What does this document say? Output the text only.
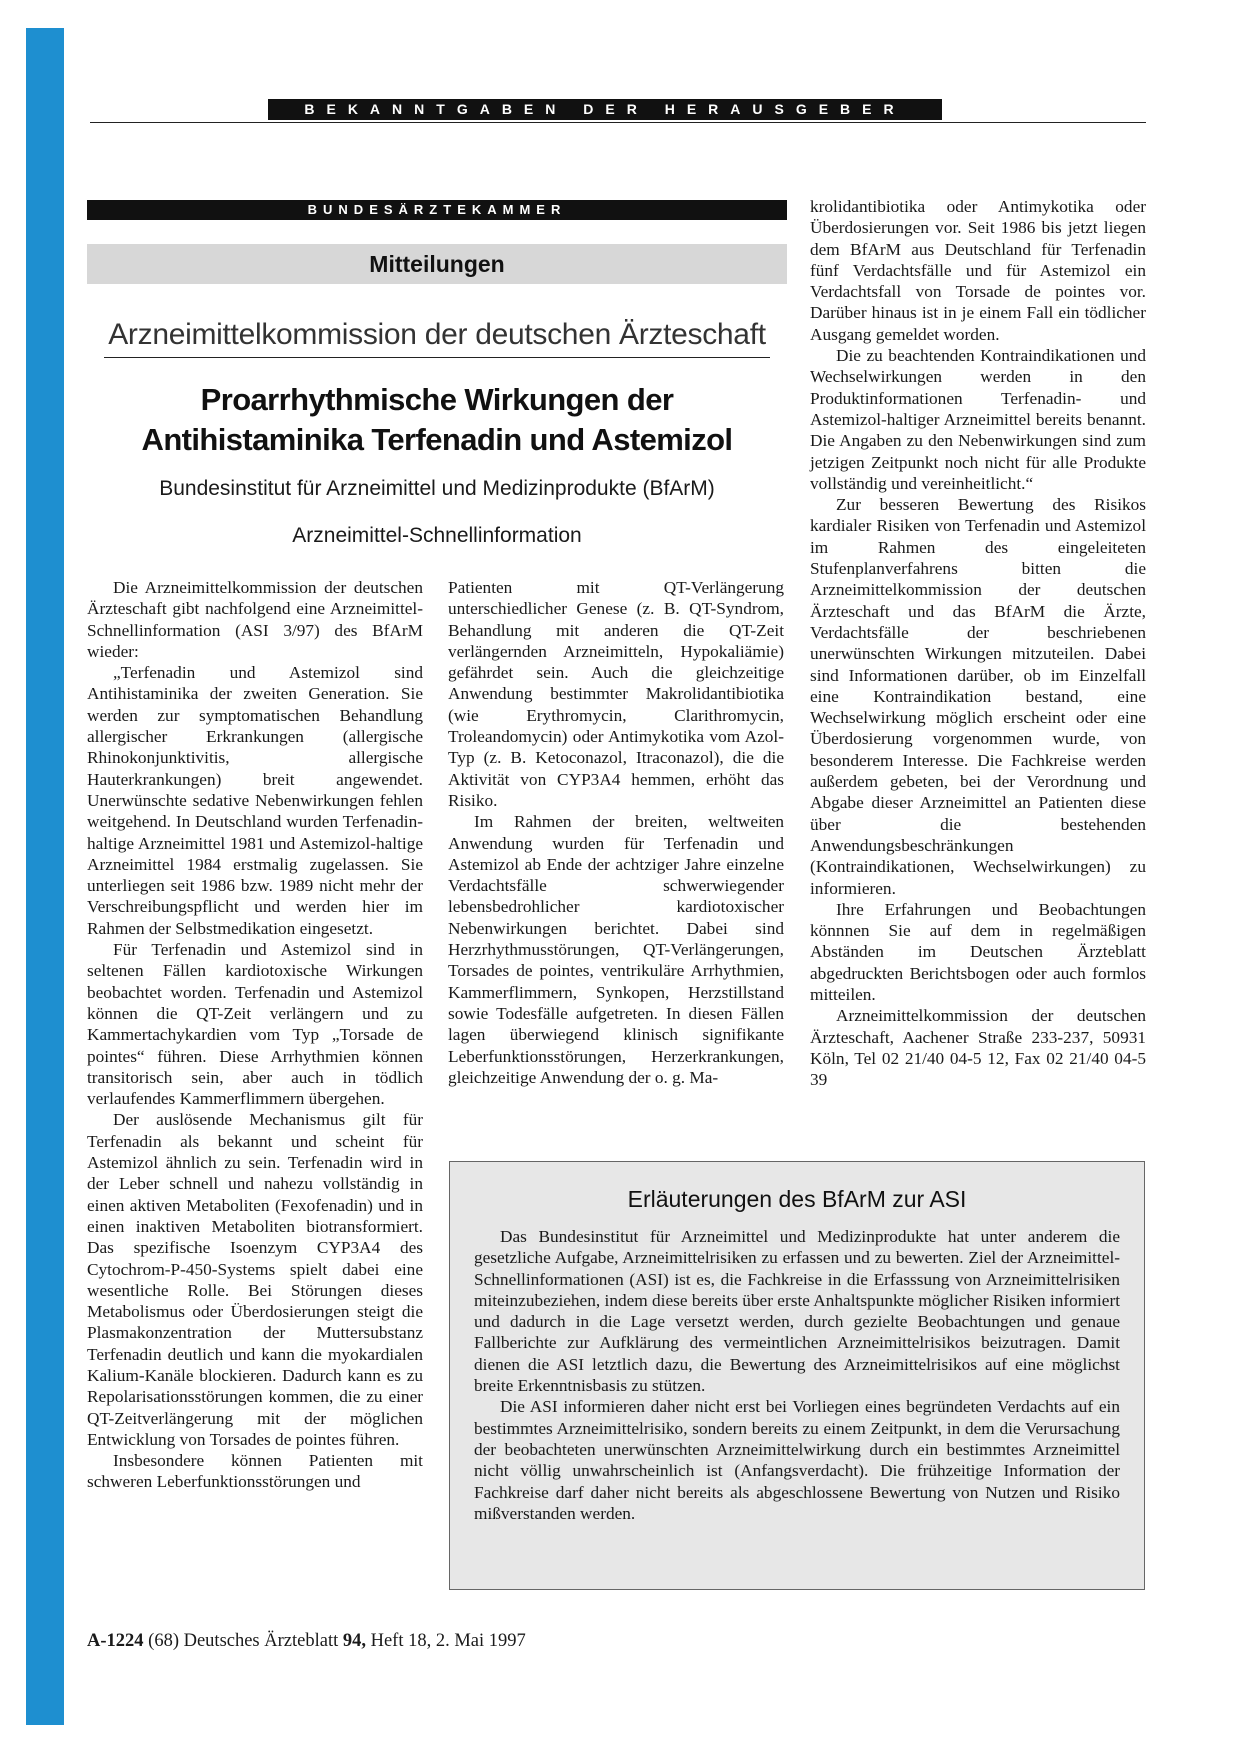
BEKANNTGABEN DER HERAUSGEBER
BUNDESÄRZTEKAMMER
Mitteilungen
Arzneimittelkommission der deutschen Ärzteschaft
Proarrhythmische Wirkungen der
Antihistaminika Terfenadin und Astemizol
Bundesinstitut für Arzneimittel und Medizinprodukte (BfArM)
Arzneimittel-Schnellinformation

Die Arzneimittelkommission der deutschen Ärzteschaft gibt nachfolgend eine Arzneimittel-Schnellinformation (ASI 3/97) des BfArM wieder:

„Terfenadin und Astemizol sind Antihistaminika der zweiten Generation. Sie werden zur symptomatischen Behandlung allergischer Erkrankungen (allergische Rhinokonjunktivitis, allergische Hauterkrankungen) breit angewendet. Unerwünschte sedative Nebenwirkungen fehlen weitgehend. In Deutschland wurden Terfenadin-haltige Arzneimittel 1981 und Astemizol-haltige Arzneimittel 1984 erstmalig zugelassen. Sie unterliegen seit 1986 bzw. 1989 nicht mehr der Verschreibungspflicht und werden hier im Rahmen der Selbstmedikation eingesetzt.

Für Terfenadin und Astemizol sind in seltenen Fällen kardiotoxische Wirkungen beobachtet worden. Terfenadin und Astemizol können die QT-Zeit verlängern und zu Kammertachykardien vom Typ „Torsade de pointes“ führen. Diese Arrhythmien können transitorisch sein, aber auch in tödlich verlaufendes Kammerflimmern übergehen.

Der auslösende Mechanismus gilt für Terfenadin als bekannt und scheint für Astemizol ähnlich zu sein. Terfenadin wird in der Leber schnell und nahezu vollständig in einen aktiven Metaboliten (Fexofenadin) und in einen inaktiven Metaboliten biotransformiert. Das spezifische Isoenzym CYP3A4 des Cytochrom-P-450-Systems spielt dabei eine wesentliche Rolle. Bei Störungen dieses Metabolismus oder Überdosierungen steigt die Plasmakonzentration der Muttersubstanz Terfenadin deutlich und kann die myokardialen Kalium-Kanäle blockieren. Dadurch kann es zu Repolarisationsstörungen kommen, die zu einer QT-Zeitverlängerung mit der möglichen Entwicklung von Torsades de pointes führen.

Insbesondere können Patienten mit schweren Leberfunktionsstörungen und

Patienten mit QT-Verlängerung unterschiedlicher Genese (z. B. QT-Syndrom, Behandlung mit anderen die QT-Zeit verlängernden Arzneimitteln, Hypokaliämie) gefährdet sein. Auch die gleichzeitige Anwendung bestimmter Makrolidantibiotika (wie Erythromycin, Clarithromycin, Troleandomycin) oder Antimykotika vom Azol-Typ (z. B. Ketoconazol, Itraconazol), die die Aktivität von CYP3A4 hemmen, erhöht das Risiko.

Im Rahmen der breiten, weltweiten Anwendung wurden für Terfenadin und Astemizol ab Ende der achtziger Jahre einzelne Verdachtsfälle schwerwiegender lebensbedrohlicher kardiotoxischer Nebenwirkungen berichtet. Dabei sind Herzrhythmusstörungen, QT-Verlängerungen, Torsades de pointes, ventrikuläre Arrhythmien, Kammerflimmern, Synkopen, Herzstillstand sowie Todesfälle aufgetreten. In diesen Fällen lagen überwiegend klinisch signifikante Leberfunktionsstörungen, Herzerkrankungen, gleichzeitige Anwendung der o. g. Ma-

krolidantibiotika oder Antimykotika oder Überdosierungen vor. Seit 1986 bis jetzt liegen dem BfArM aus Deutschland für Terfenadin fünf Verdachtsfälle und für Astemizol ein Verdachtsfall von Torsade de pointes vor. Darüber hinaus ist in je einem Fall ein tödlicher Ausgang gemeldet worden.

Die zu beachtenden Kontraindikationen und Wechselwirkungen werden in den Produktinformationen Terfenadin- und Astemizol-haltiger Arzneimittel bereits benannt. Die Angaben zu den Nebenwirkungen sind zum jetzigen Zeitpunkt noch nicht für alle Produkte vollständig und vereinheitlicht.“

Zur besseren Bewertung des Risikos kardialer Risiken von Terfenadin und Astemizol im Rahmen des eingeleiteten Stufenplanverfahrens bitten die Arzneimittelkommission der deutschen Ärzteschaft und das BfArM die Ärzte, Verdachtsfälle der beschriebenen unerwünschten Wirkungen mitzuteilen. Dabei sind Informationen darüber, ob im Einzelfall eine Kontraindikation bestand, eine Wechselwirkung möglich erscheint oder eine Überdosierung vorgenommen wurde, von besonderem Interesse. Die Fachkreise werden außerdem gebeten, bei der Verordnung und Abgabe dieser Arzneimittel an Patienten diese über die bestehenden Anwendungsbeschränkungen (Kontraindikationen, Wechselwirkungen) zu informieren.

Ihre Erfahrungen und Beobachtungen könnnen Sie auf dem in regelmäßigen Abständen im Deutschen Ärzteblatt abgedruckten Berichtsbogen oder auch formlos mitteilen.

Arzneimittelkommission der deutschen Ärzteschaft, Aachener Straße 233-237, 50931 Köln, Tel 02 21/40 04-5 12, Fax 02 21/40 04-5 39

Erläuterungen des BfArM zur ASI

Das Bundesinstitut für Arzneimittel und Medizinprodukte hat unter anderem die gesetzliche Aufgabe, Arzneimittelrisiken zu erfassen und zu bewerten. Ziel der Arzneimittel-Schnellinformationen (ASI) ist es, die Fachkreise in die Erfasssung von Arzneimittelrisiken miteinzubeziehen, indem diese bereits über erste Anhaltspunkte möglicher Risiken informiert und dadurch in die Lage versetzt werden, durch gezielte Beobachtungen und genaue Fallberichte zur Aufklärung des vermeintlichen Arzneimittelrisikos beizutragen. Damit dienen die ASI letztlich dazu, die Bewertung des Arzneimittelrisikos auf eine möglichst breite Erkenntnisbasis zu stützen.

Die ASI informieren daher nicht erst bei Vorliegen eines begründeten Verdachts auf ein bestimmtes Arzneimittelrisiko, sondern bereits zu einem Zeitpunkt, in dem die Verursachung der beobachteten unerwünschten Arzneimittelwirkung durch ein bestimmtes Arzneimittel nicht völlig unwahrscheinlich ist (Anfangsverdacht). Die frühzeitige Information der Fachkreise darf daher nicht bereits als abgeschlossene Bewertung von Nutzen und Risiko mißverstanden werden.

A-1224 (68) Deutsches Ärzteblatt 94, Heft 18, 2. Mai 1997
